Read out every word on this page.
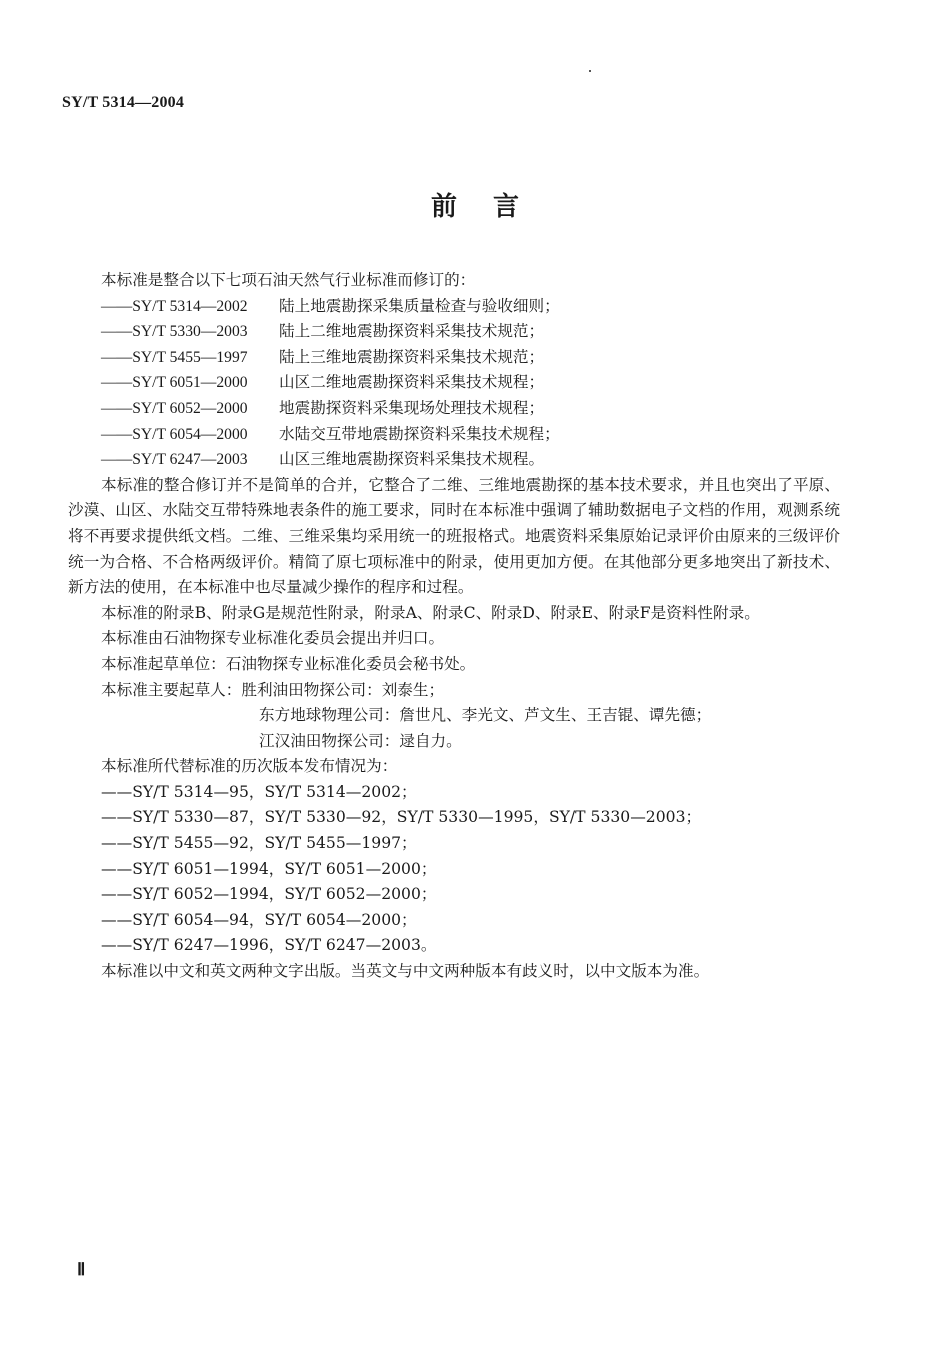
SY/T 5314—2004
前言
本标准是整合以下七项石油天然气行业标准而修订的：
——SY/T 5314—2002 陆上地震勘探采集质量检查与验收细则；
——SY/T 5330—2003 陆上二维地震勘探资料采集技术规范；
——SY/T 5455—1997 陆上三维地震勘探资料采集技术规范；
——SY/T 6051—2000 山区二维地震勘探资料采集技术规程；
——SY/T 6052—2000 地震勘探资料采集现场处理技术规程；
——SY/T 6054—2000 水陆交互带地震勘探资料采集技术规程；
——SY/T 6247—2003 山区三维地震勘探资料采集技术规程。
本标准的整合修订并不是简单的合并，它整合了二维、三维地震勘探的基本技术要求，并且也突出了平原、沙漠、山区、水陆交互带特殊地表条件的施工要求，同时在本标准中强调了辅助数据电子文档的作用，观测系统将不再要求提供纸文档。二维、三维采集均采用统一的班报格式。地震资料采集原始记录评价由原来的三级评价统一为合格、不合格两级评价。精简了原七项标准中的附录，使用更加方便。在其他部分更多地突出了新技术、新方法的使用，在本标准中也尽量减少操作的程序和过程。
本标准的附录B、附录G是规范性附录，附录A、附录C、附录D、附录E、附录F是资料性附录。
本标准由石油物探专业标准化委员会提出并归口。
本标准起草单位：石油物探专业标准化委员会秘书处。
本标准主要起草人：胜利油田物探公司：刘泰生；
东方地球物理公司：詹世凡、李光文、芦文生、王吉锟、谭先德；
江汉油田物探公司：逯自力。
本标准所代替标准的历次版本发布情况为：
——SY/T 5314—95，SY/T 5314—2002；
——SY/T 5330—87，SY/T 5330—92，SY/T 5330—1995，SY/T 5330—2003；
——SY/T 5455—92，SY/T 5455—1997；
——SY/T 6051—1994，SY/T 6051—2000；
——SY/T 6052—1994，SY/T 6052—2000；
——SY/T 6054—94，SY/T 6054—2000；
——SY/T 6247—1996，SY/T 6247—2003。
本标准以中文和英文两种文字出版。当英文与中文两种版本有歧义时，以中文版本为准。
Ⅱ
